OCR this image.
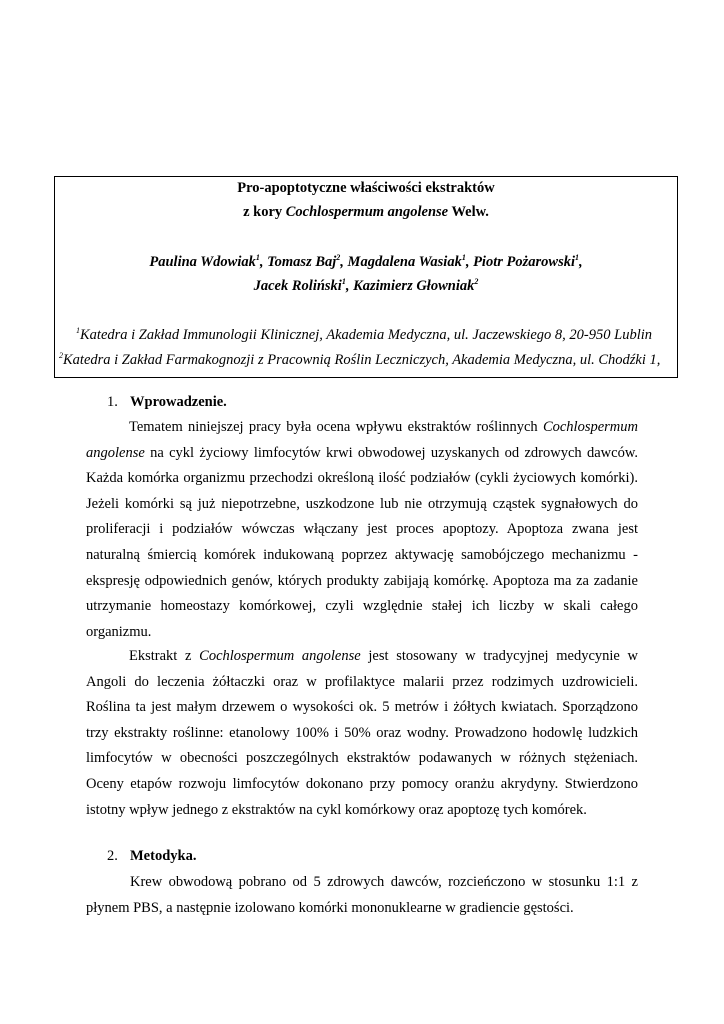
Pro-apoptotyczne właściwości ekstraktów
z kory Cochlospermum angolense Welw.
Paulina Wdowiak$^1$, Tomasz Baj$^2$, Magdalena Wasiak$^1$, Piotr Pożarowski$^1$,
Jacek Roliński$^1$, Kazimierz Głowniak$^2$
$^1$Katedra i Zakład Immunologii Klinicznej, Akademia Medyczna, ul. Jaczewskiego 8, 20-950 Lublin
$^2$Katedra i Zakład Farmakognozji z Pracownią Roślin Leczniczych, Akademia Medyczna, ul. Chodźki 1,
1. Wprowadzenie.
Tematem niniejszej pracy była ocena wpływu ekstraktów roślinnych Cochlospermum angolense na cykl życiowy limfocytów krwi obwodowej uzyskanych od zdrowych dawców. Każda komórka organizmu przechodzi określoną ilość podziałów (cykli życiowych komórki). Jeżeli komórki są już niepotrzebne, uszkodzone lub nie otrzymują cząstek sygnałowych do proliferacji i podziałów wówczas włączany jest proces apoptozy. Apoptoza zwana jest naturalną śmiercią komórek indukowaną poprzez aktywację samobójczego mechanizmu - ekspresję odpowiednich genów, których produkty zabijają komórkę. Apoptoza ma za zadanie utrzymanie homeostazy komórkowej, czyli względnie stałej ich liczby w skali całego organizmu.
Ekstrakt z Cochlospermum angolense jest stosowany w tradycyjnej medycynie w Angoli do leczenia żółtaczki oraz w profilaktyce malarii przez rodzimych uzdrowicieli. Roślina ta jest małym drzewem o wysokości ok. 5 metrów i żółtych kwiatach. Sporządzono trzy ekstrakty roślinne: etanolowy 100% i 50% oraz wodny. Prowadzono hodowlę ludzkich limfocytów w obecności poszczególnych ekstraktów podawanych w różnych stężeniach. Oceny etapów rozwoju limfocytów dokonano przy pomocy oranżu akrydyny. Stwierdzono istotny wpływ jednego z ekstraktów na cykl komórkowy oraz apoptozę tych komórek.
2. Metodyka.
Krew obwodową pobrano od 5 zdrowych dawców, rozcieńczono w stosunku 1:1 z płynem PBS, a następnie izolowano komórki mononuklearne w gradiencie gęstości.
